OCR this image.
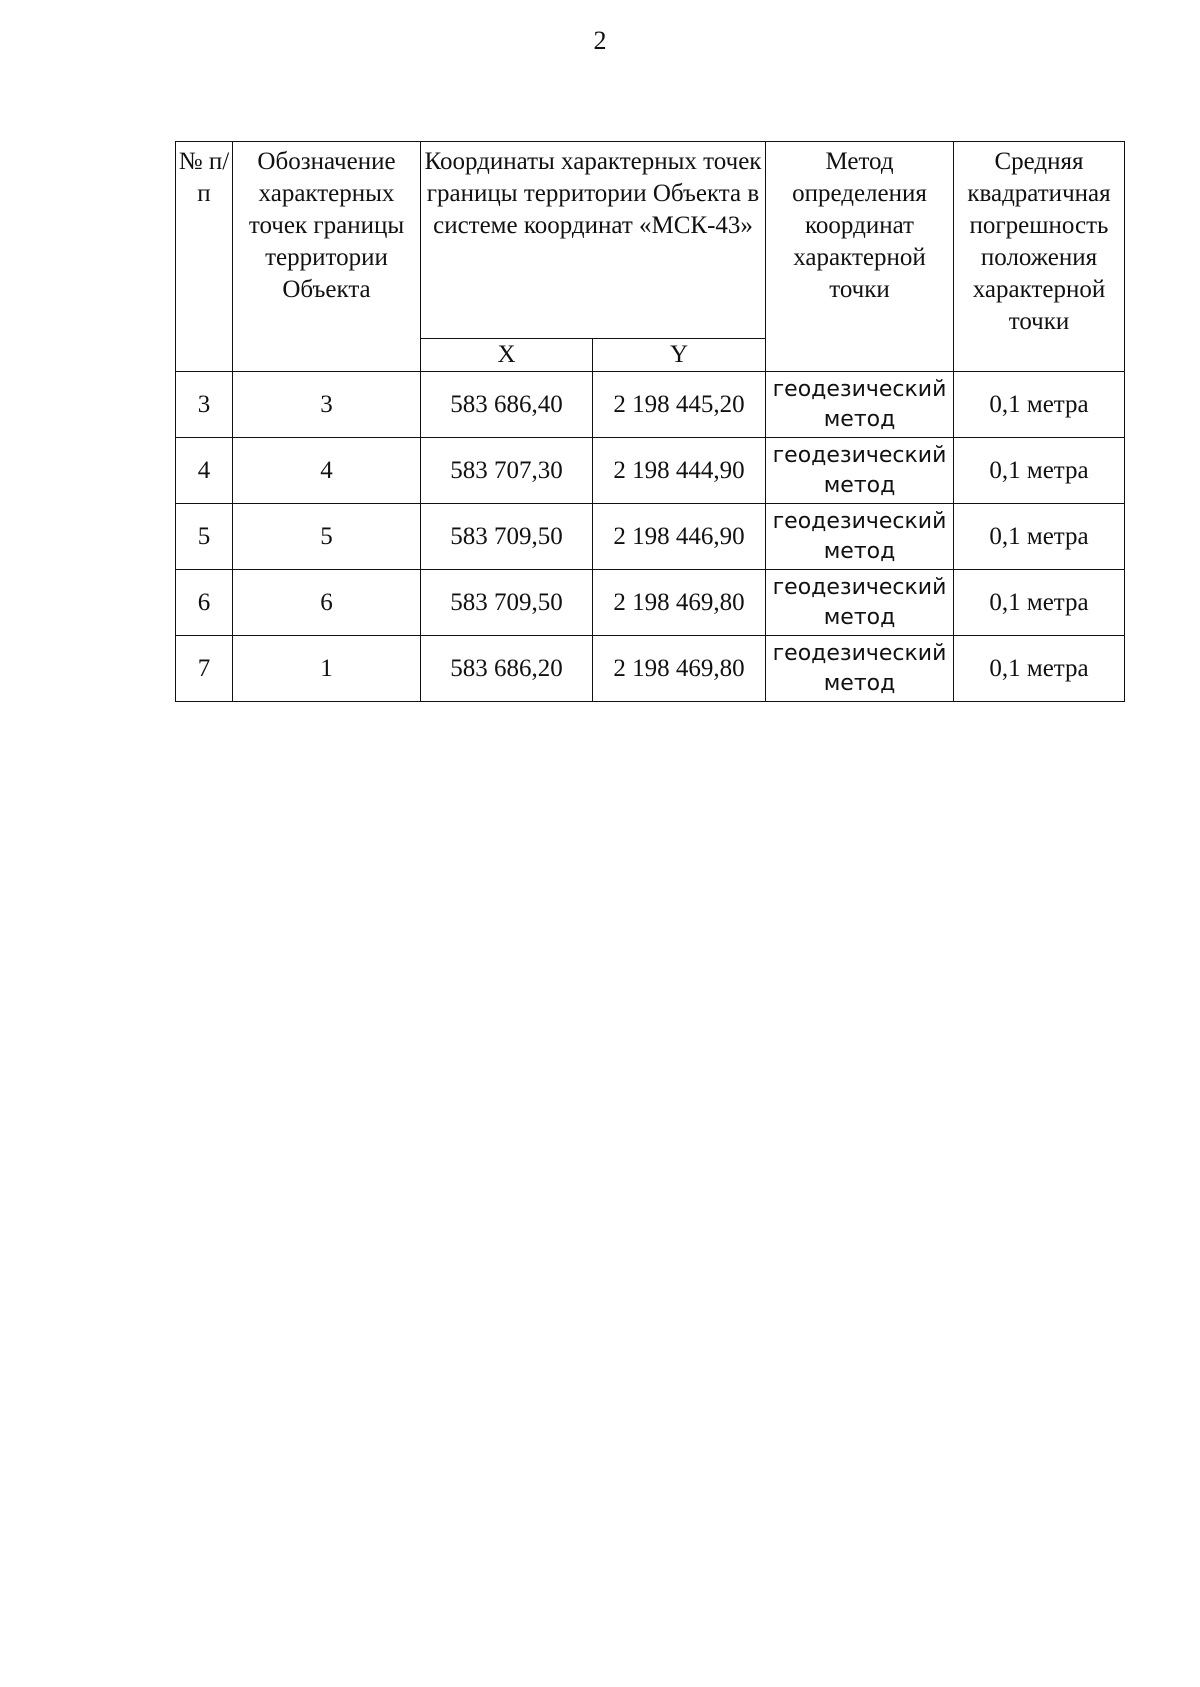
2
№ п/п	Обозначение характерных точек границы территории Объекта	Координаты характерных точек границы территории Объекта в системе координат «МСК-43»		Метод определения координат характерной точки	Средняя квадратичная погрешность положения характерной точки
		X	Y		
3	3	583 686,40	2 198 445,20	геодезический метод	0,1 метра
4	4	583 707,30	2 198 444,90	геодезический метод	0,1 метра
5	5	583 709,50	2 198 446,90	геодезический метод	0,1 метра
6	6	583 709,50	2 198 469,80	геодезический метод	0,1 метра
7	1	583 686,20	2 198 469,80	геодезический метод	0,1 метра
